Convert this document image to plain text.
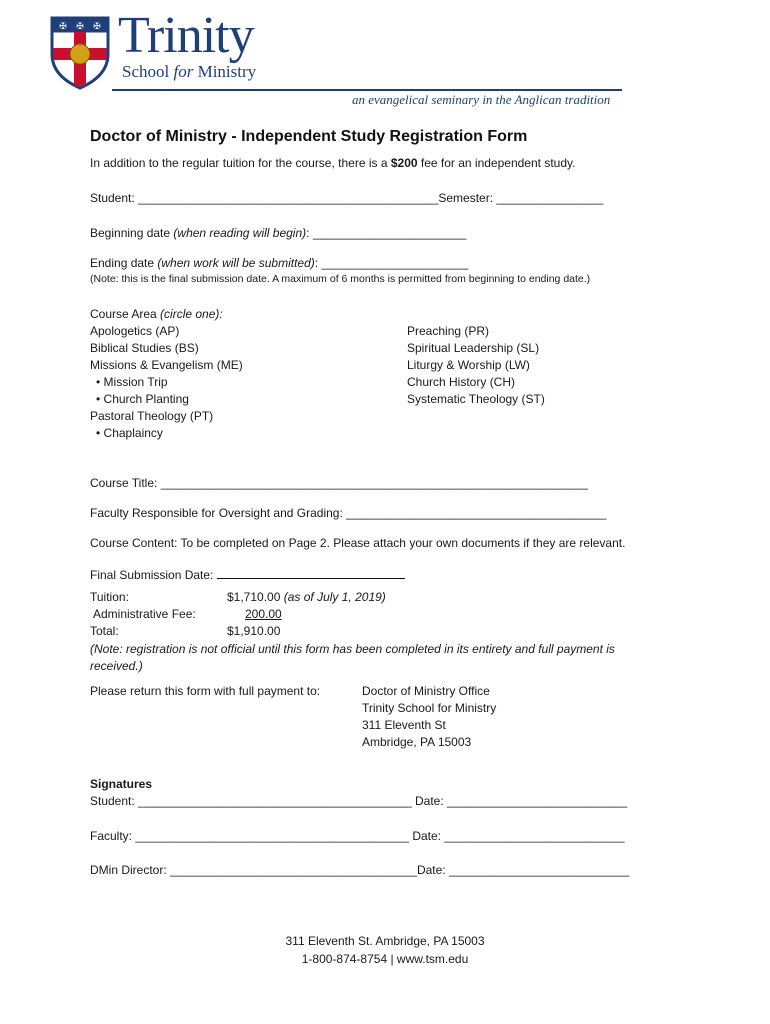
✠ ✠ ✠ Trinity
School for Ministry
an evangelical seminary in the Anglican tradition
Doctor of Ministry - Independent Study Registration Form
In addition to the regular tuition for the course, there is a $200 fee for an independent study.
Student: _____________________________________________Semester: ________________
Beginning date (when reading will begin): _______________________
Ending date (when work will be submitted): ______________________
(Note: this is the final submission date. A maximum of 6 months is permitted from beginning to ending date.)
Course Area (circle one):
Apologetics (AP)
Biblical Studies (BS)
Missions & Evangelism (ME)
• Mission Trip
• Church Planting
Pastoral Theology (PT)
• Chaplaincy
Preaching (PR)
Spiritual Leadership (SL)
Liturgy & Worship (LW)
Church History (CH)
Systematic Theology (ST)
Course Title: ________________________________________________________________
Faculty Responsible for Oversight and Grading: _______________________________________
Course Content: To be completed on Page 2. Please attach your own documents if they are relevant.
Final Submission Date:
Tuition:	$1,710.00 (as of July 1, 2019)
Administrative Fee:	200.00
Total:	$1,910.00
(Note: registration is not official until this form has been completed in its entirety and full payment is
received.)
Please return this form with full payment to:	Doctor of Ministry Office
Trinity School for Ministry
311 Eleventh St
Ambridge, PA 15003
Signatures
Student: _________________________________________ Date: ___________________________
Faculty: _________________________________________ Date: ___________________________
DMin Director: _____________________________________Date: ___________________________
311 Eleventh St. Ambridge, PA 15003
1-800-874-8754 | www.tsm.edu
